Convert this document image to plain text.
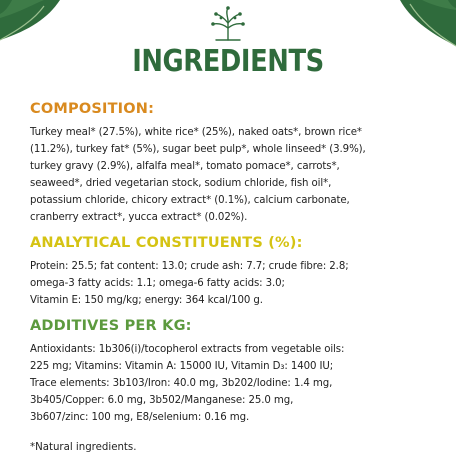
INGREDIENTS
COMPOSITION:

Turkey meal* (27.5%), white rice* (25%), naked oats*, brown rice*
(11.2%), turkey fat* (5%), sugar beet pulp*, whole linseed* (3.9%),
turkey gravy (2.9%), alfalfa meal*, tomato pomace*, carrots*,
seaweed*, dried vegetarian stock, sodium chloride, fish oil*,
potassium chloride, chicory extract* (0.1%), calcium carbonate,
cranberry extract*, yucca extract* (0.02%).

ANALYTICAL CONSTITUENTS (%):

Protein: 25.5; fat content: 13.0; crude ash: 7.7; crude fibre: 2.8;
omega-3 fatty acids: 1.1; omega-6 fatty acids: 3.0;
Vitamin E: 150 mg/kg; energy: 364 kcal/100 g.

ADDITIVES PER KG:

Antioxidants: 1b306(i)/tocopherol extracts from vegetable oils:
225 mg; Vitamins: Vitamin A: 15000 IU, Vitamin D₃: 1400 IU;
Trace elements: 3b103/Iron: 40.0 mg, 3b202/Iodine: 1.4 mg,
3b405/Copper: 6.0 mg, 3b502/Manganese: 25.0 mg,
3b607/zinc: 100 mg, E8/selenium: 0.16 mg.

*Natural ingredients.
